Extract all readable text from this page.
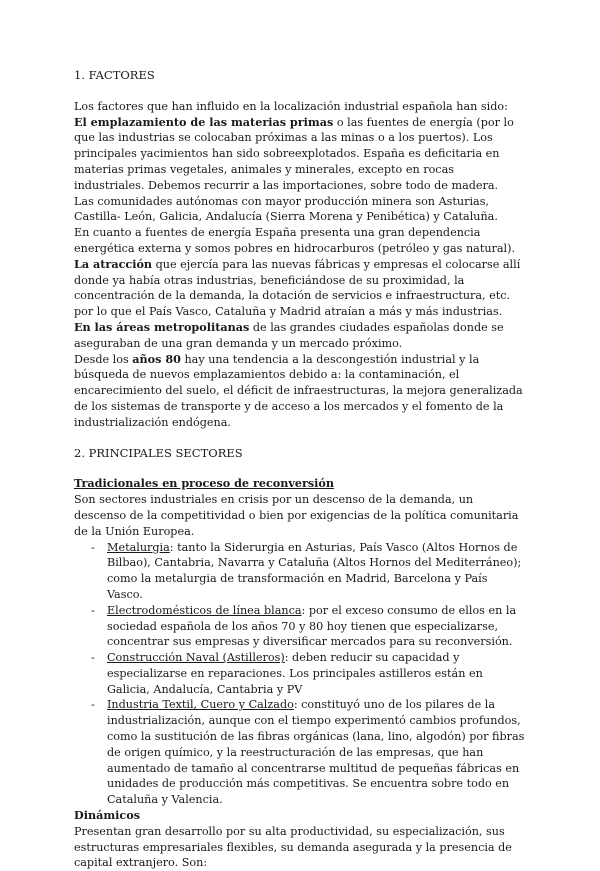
1. FACTORES

Los factores que han influido en la localización industrial española han sido:

El emplazamiento de las materias primas o las fuentes de energía (por lo que las industrias se colocaban próximas a las minas o a los puertos). Los principales yacimientos han sido sobreexplotados. España es deficitaria en materias primas vegetales, animales y minerales, excepto en rocas industriales. Debemos recurrir a las importaciones, sobre todo de madera.

Las comunidades autónomas con mayor producción minera son Asturias, Castilla- León, Galicia, Andalucía (Sierra Morena y Penibética) y Cataluña.

En cuanto a fuentes de energía España presenta una gran dependencia energética externa y somos pobres en hidrocarburos (petróleo y gas natural).

La atracción que ejercía para las nuevas fábricas y empresas el colocarse allí donde ya había otras industrias, beneficiándose de su proximidad, la concentración de la demanda, la dotación de servicios e infraestructura, etc. por lo que el País Vasco, Cataluña y Madrid atraían a más y más industrias.

En las áreas metropolitanas de las grandes ciudades españolas donde se aseguraban de una gran demanda y un mercado próximo.

Desde los años 80 hay una tendencia a la descongestión industrial y la búsqueda de nuevos emplazamientos debido a: la contaminación, el encarecimiento del suelo, el déficit de infraestructuras, la mejora generalizada de los sistemas de transporte y de acceso a los mercados y el fomento de la industrialización endógena.

2. PRINCIPALES SECTORES

Tradicionales en proceso de reconversión

Son sectores industriales en crisis por un descenso de la demanda, un descenso de la competitividad o bien por exigencias de la política comunitaria de la Unión Europea.

- Metalurgia: tanto la Siderurgia en Asturias, País Vasco (Altos Hornos de Bilbao), Cantabria, Navarra y Cataluña (Altos Hornos del Mediterráneo); como la metalurgia de transformación en Madrid, Barcelona y País Vasco.
- Electrodomésticos de línea blanca: por el exceso consumo de ellos en la sociedad española de los años 70 y 80 hoy tienen que especializarse, concentrar sus empresas y diversificar mercados para su reconversión.
- Construcción Naval (Astilleros): deben reducir su capacidad y especializarse en reparaciones. Los principales astilleros están en Galicia, Andalucía, Cantabria y PV
- Industria Textil, Cuero y Calzado: constituyó uno de los pilares de la industrialización, aunque con el tiempo experimentó cambios profundos, como la sustitución de las fibras orgánicas (lana, lino, algodón) por fibras de origen químico, y la reestructuración de las empresas, que han aumentado de tamaño al concentrarse multitud de pequeñas fábricas en unidades de producción más competitivas. Se encuentra sobre todo en Cataluña y Valencia.

Dinámicos

Presentan gran desarrollo por su alta productividad, su especialización, sus estructuras empresariales flexibles, su demanda asegurada y la presencia de capital extranjero. Son:
